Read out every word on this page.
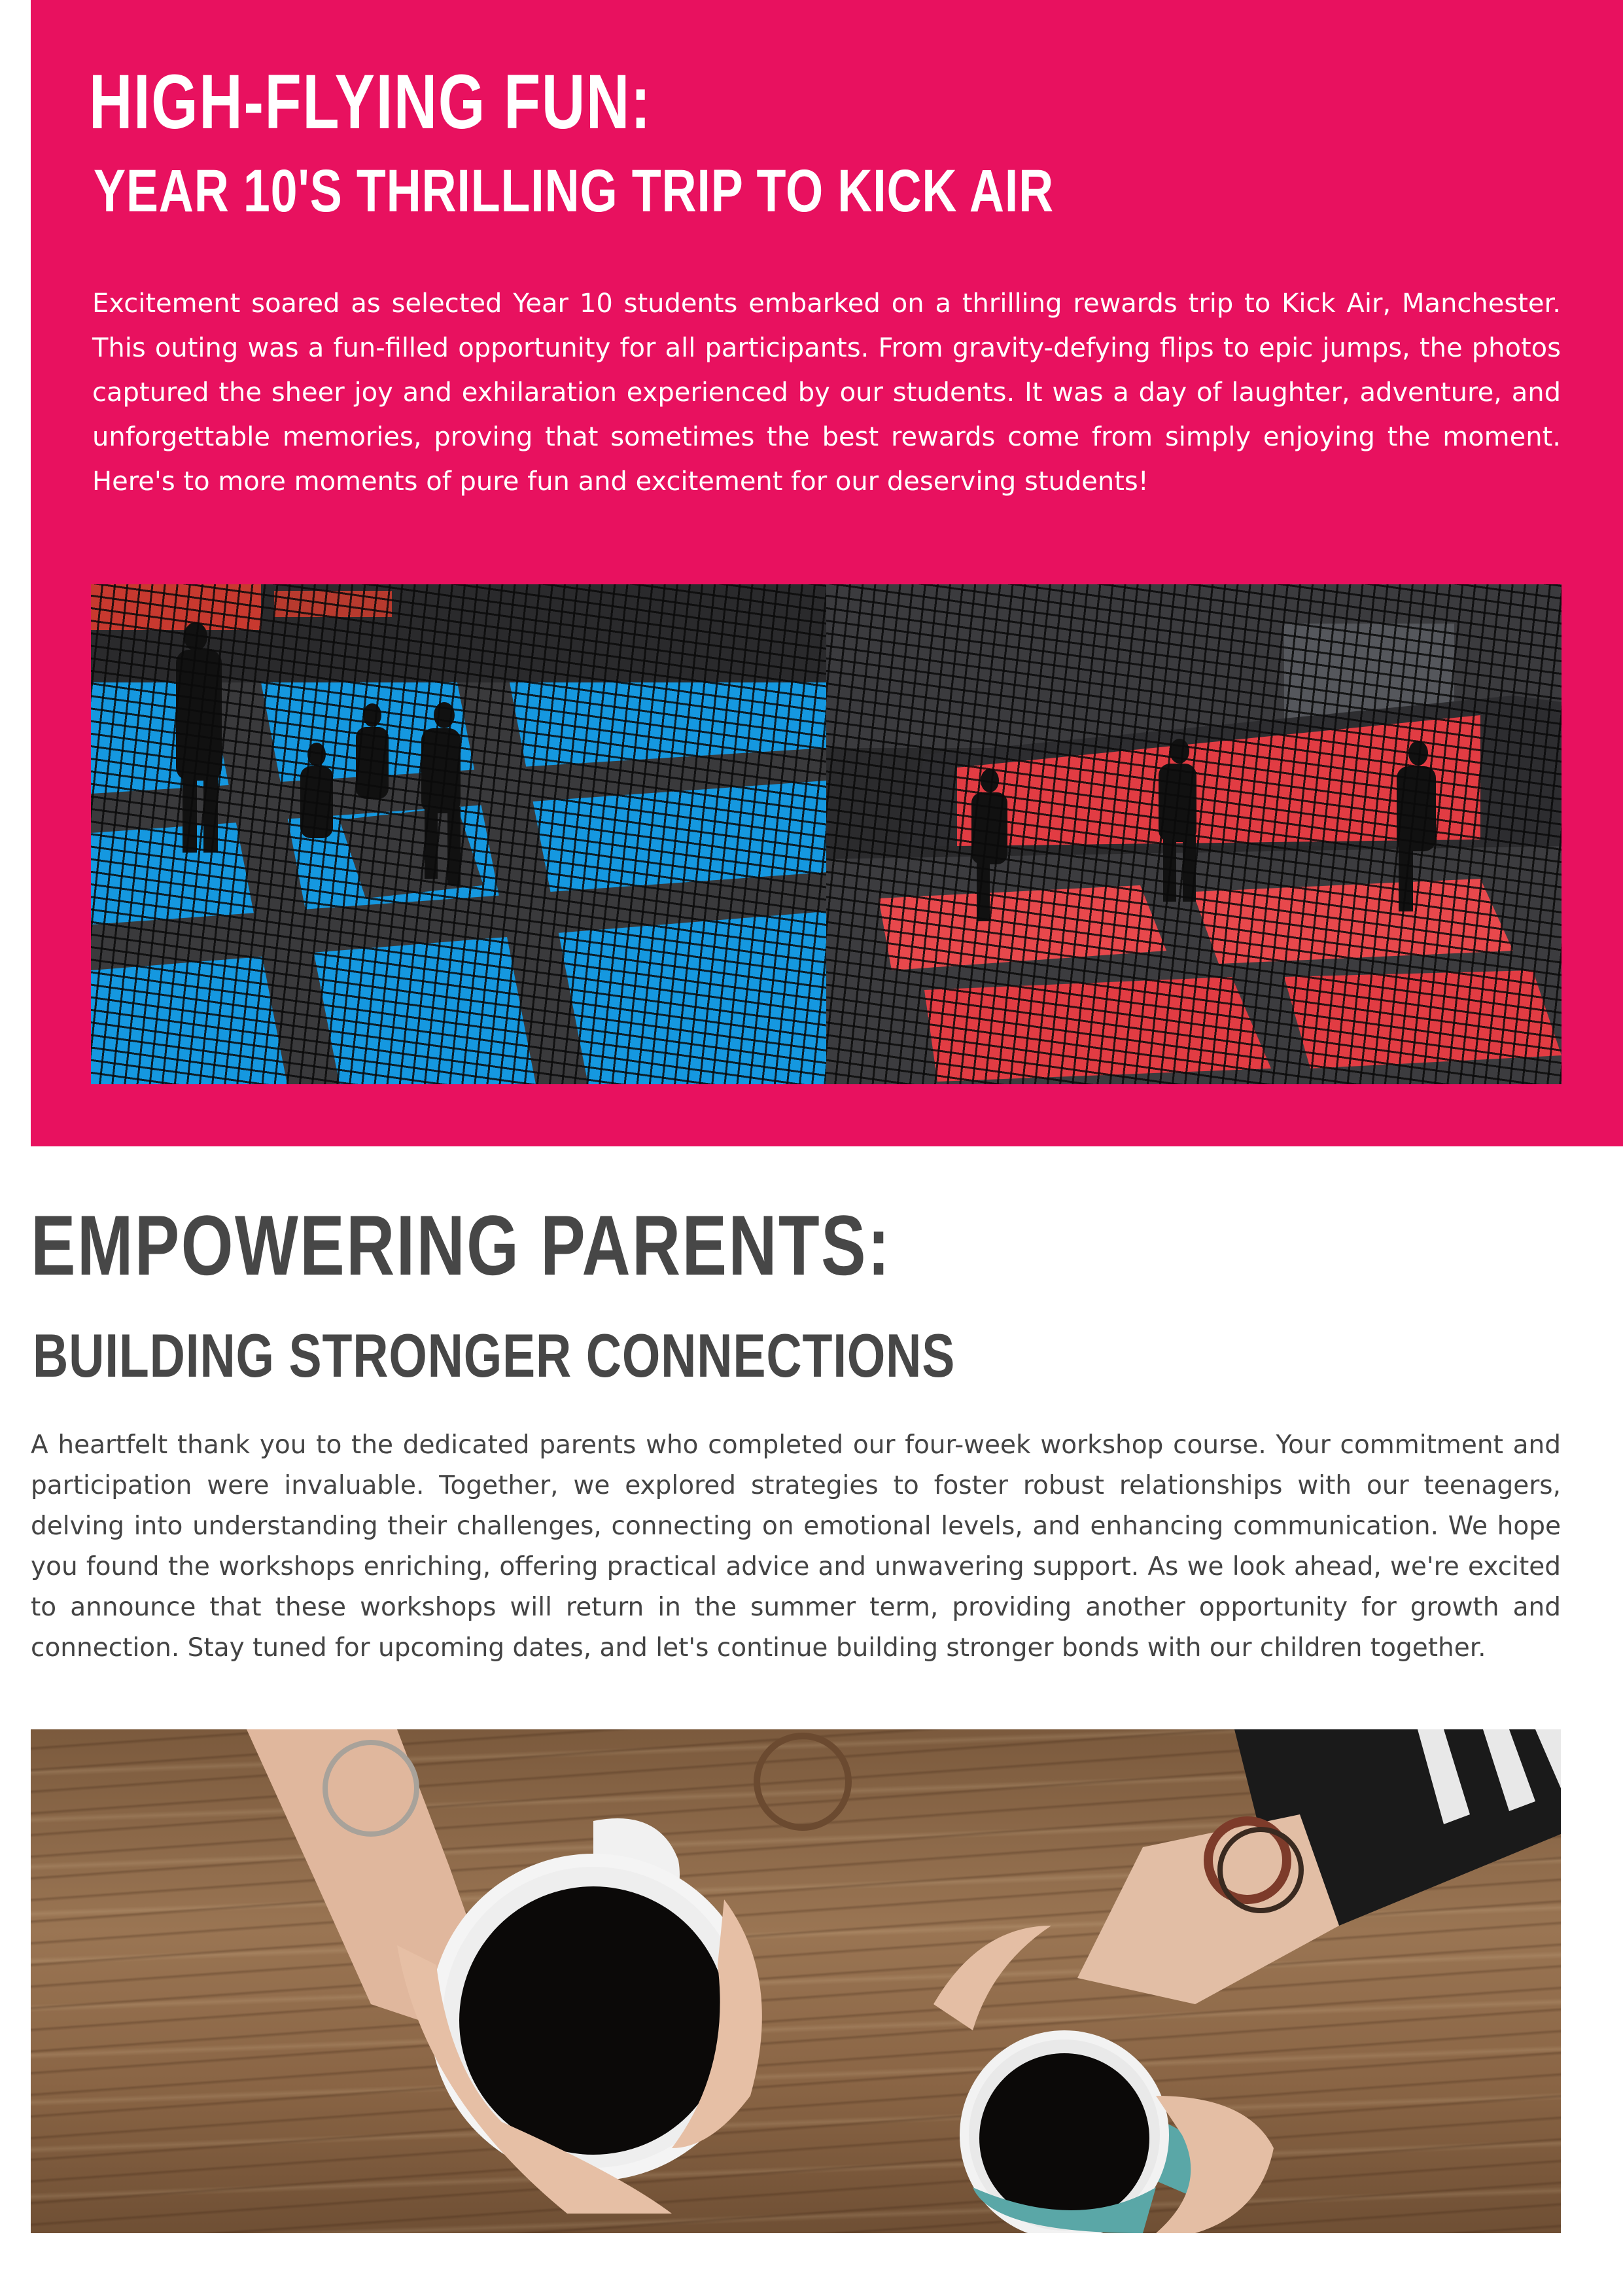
HIGH-FLYING FUN:
YEAR 10'S THRILLING TRIP TO KICK AIR

Excitement soared as selected Year 10 students embarked on a thrilling rewards trip to Kick Air, Manchester. This outing was a fun-filled opportunity for all participants. From gravity-defying flips to epic jumps, the photos captured the sheer joy and exhilaration experienced by our students. It was a day of laughter, adventure, and unforgettable memories, proving that sometimes the best rewards come from simply enjoying the moment. Here's to more moments of pure fun and excitement for our deserving students!

EMPOWERING PARENTS:
BUILDING STRONGER CONNECTIONS

A heartfelt thank you to the dedicated parents who completed our four-week workshop course. Your commitment and participation were invaluable. Together, we explored strategies to foster robust relationships with our teenagers, delving into understanding their challenges, connecting on emotional levels, and enhancing communication. We hope you found the workshops enriching, offering practical advice and unwavering support. As we look ahead, we're excited to announce that these workshops will return in the summer term, providing another opportunity for growth and connection. Stay tuned for upcoming dates, and let's continue building stronger bonds with our children together.
